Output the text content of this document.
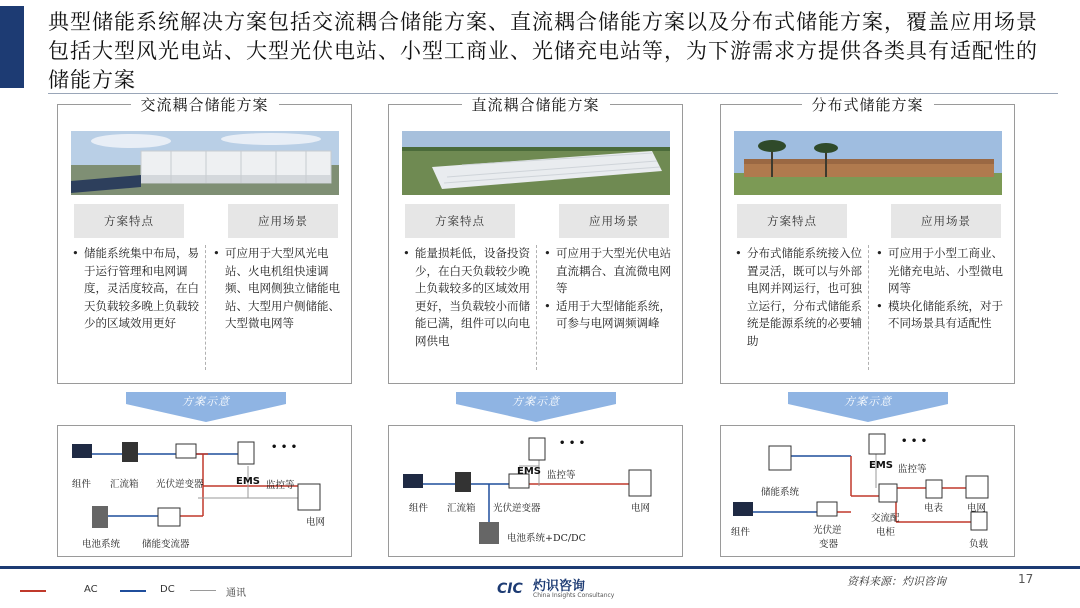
典型储能系统解决方案包括交流耦合储能方案、直流耦合储能方案以及分布式储能方案，覆盖应用场景包括大型风光电站、大型光伏电站、小型工商业、光储充电站等，为下游需求方提供各类具有适配性的储能方案
交流耦合储能方案
方案特点	应用场景
• 储能系统集中布局，易于运行管理和电网调度，灵活度较高，在白天负载较多晚上负载较少的区域效用更好
• 可应用于大型风光电站、火电机组快速调频、电网侧独立储能电站、大型用户侧储能、大型微电网等
直流耦合储能方案
方案特点	应用场景
• 能量损耗低，设备投资少，在白天负载较少晚上负载较多的区域效用更好，当负载较小而储能已满，组件可以向电网供电
• 可应用于大型光伏电站直流耦合、直流微电网等
• 适用于大型储能系统，可参与电网调频调峰
分布式储能方案
方案特点	应用场景
• 分布式储能系统接入位置灵活，既可以与外部电网并网运行，也可独立运行，分布式储能系统是能源系统的必要辅助
• 可应用于小型工商业、光储充电站、小型微电网等
• 模块化储能系统，对于不同场景具有适配性
方案示意	方案示意	方案示意
组件 汇流箱 光伏逆变器
• • •
EMS 监控等
电网
电池系统 储能变流器
组件 汇流箱 光伏逆变器
• • •
EMS 监控等
电网
电池系统+DC/DC
储能系统
• • •
EMS 监控等
组件	光伏逆
变器
交流配
电柜
电表	电网
负载
AC	DC	通讯	CIC 灼识咨询
China Insights Consultancy
资料来源：灼识咨询	17
